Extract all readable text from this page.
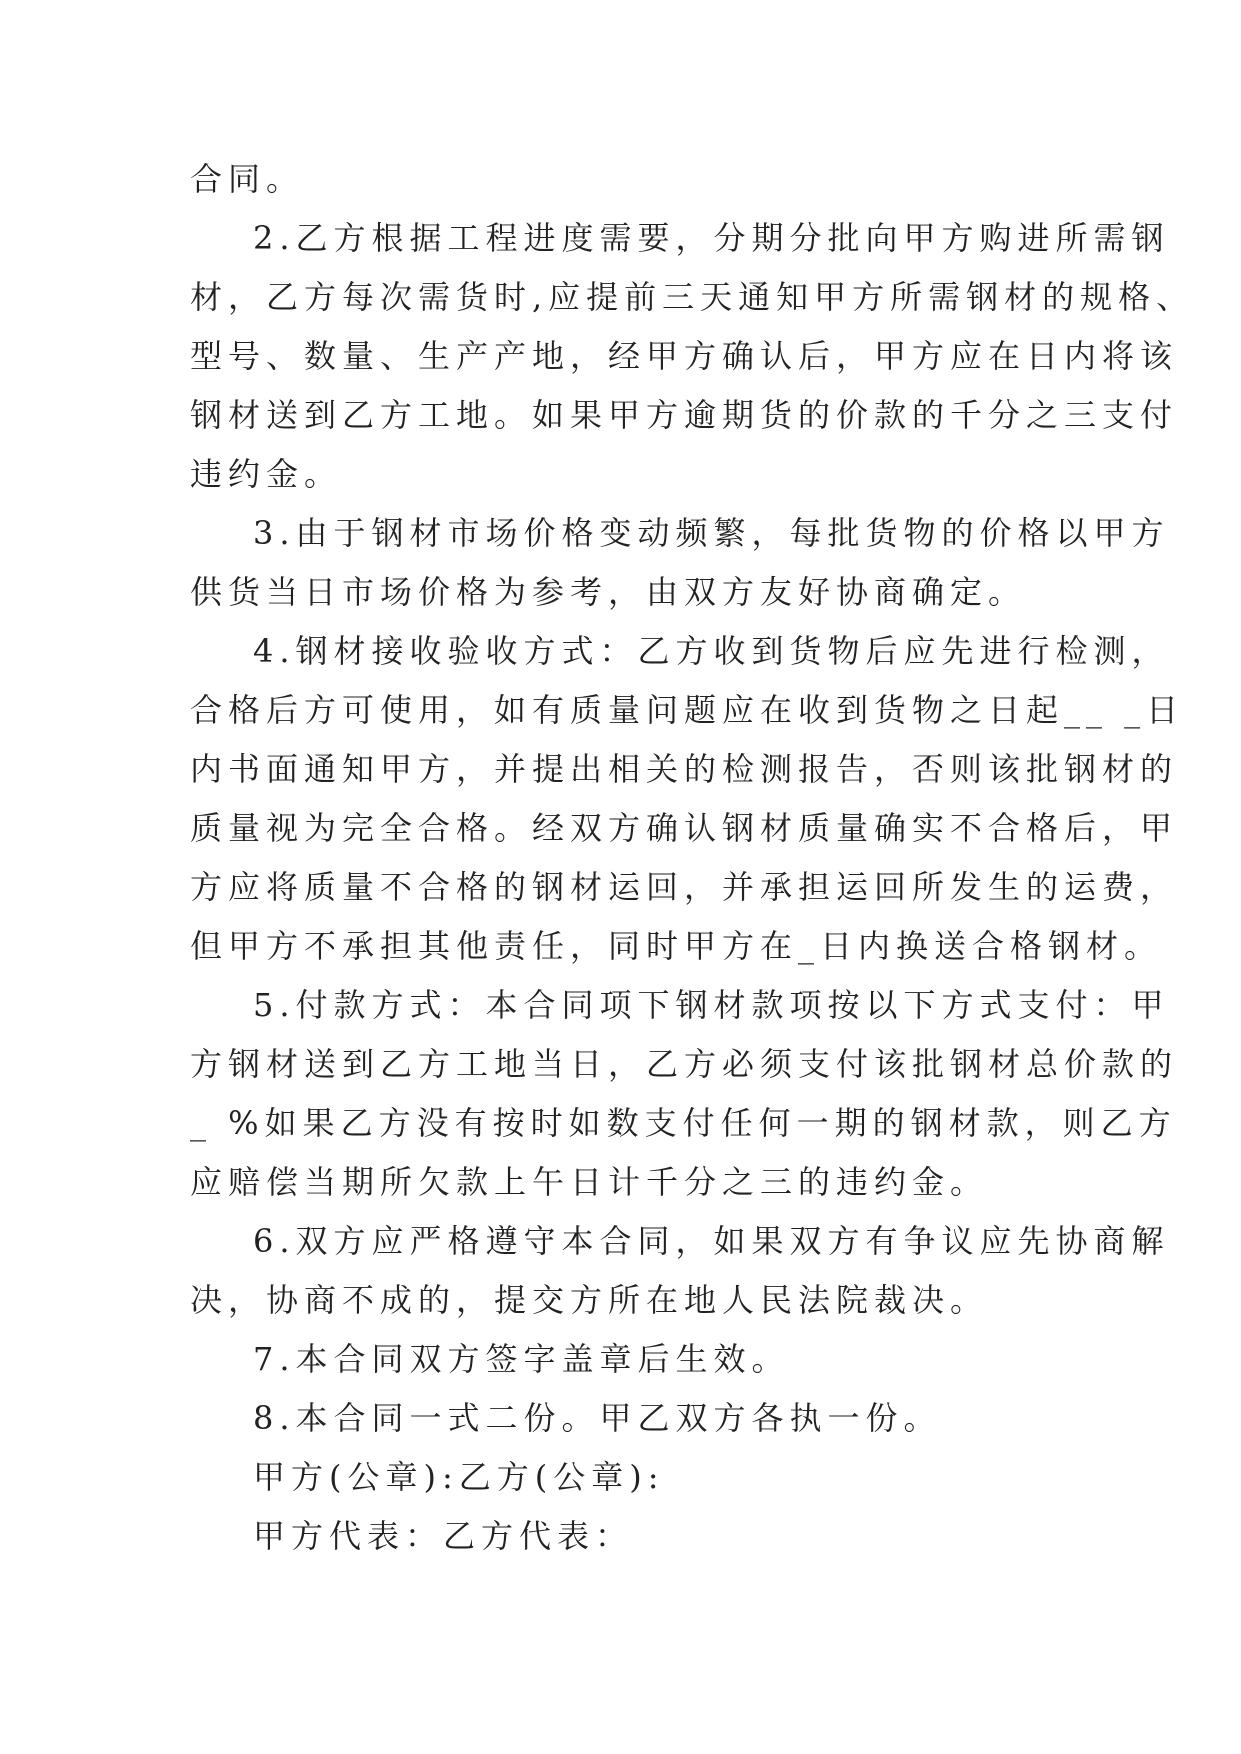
合同。
2.乙方根据工程进度需要，分期分批向甲方购进所需钢
材，乙方每次需货时,应提前三天通知甲方所需钢材的规格、
型号、数量、生产产地，经甲方确认后，甲方应在日内将该
钢材送到乙方工地。如果甲方逾期货的价款的千分之三支付
违约金。
3.由于钢材市场价格变动频繁，每批货物的价格以甲方
供货当日市场价格为参考，由双方友好协商确定。
4.钢材接收验收方式：乙方收到货物后应先进行检测，
合格后方可使用，如有质量问题应在收到货物之日起__ _日
内书面通知甲方，并提出相关的检测报告，否则该批钢材的
质量视为完全合格。经双方确认钢材质量确实不合格后，甲
方应将质量不合格的钢材运回，并承担运回所发生的运费，
但甲方不承担其他责任，同时甲方在_日内换送合格钢材。
5.付款方式：本合同项下钢材款项按以下方式支付：甲
方钢材送到乙方工地当日，乙方必须支付该批钢材总价款的
_ %如果乙方没有按时如数支付任何一期的钢材款，则乙方
应赔偿当期所欠款上午日计千分之三的违约金。
6.双方应严格遵守本合同，如果双方有争议应先协商解
决，协商不成的，提交方所在地人民法院裁决。
7.本合同双方签字盖章后生效。
8.本合同一式二份。甲乙双方各执一份。
甲方(公章):乙方(公章):
甲方代表：乙方代表：
